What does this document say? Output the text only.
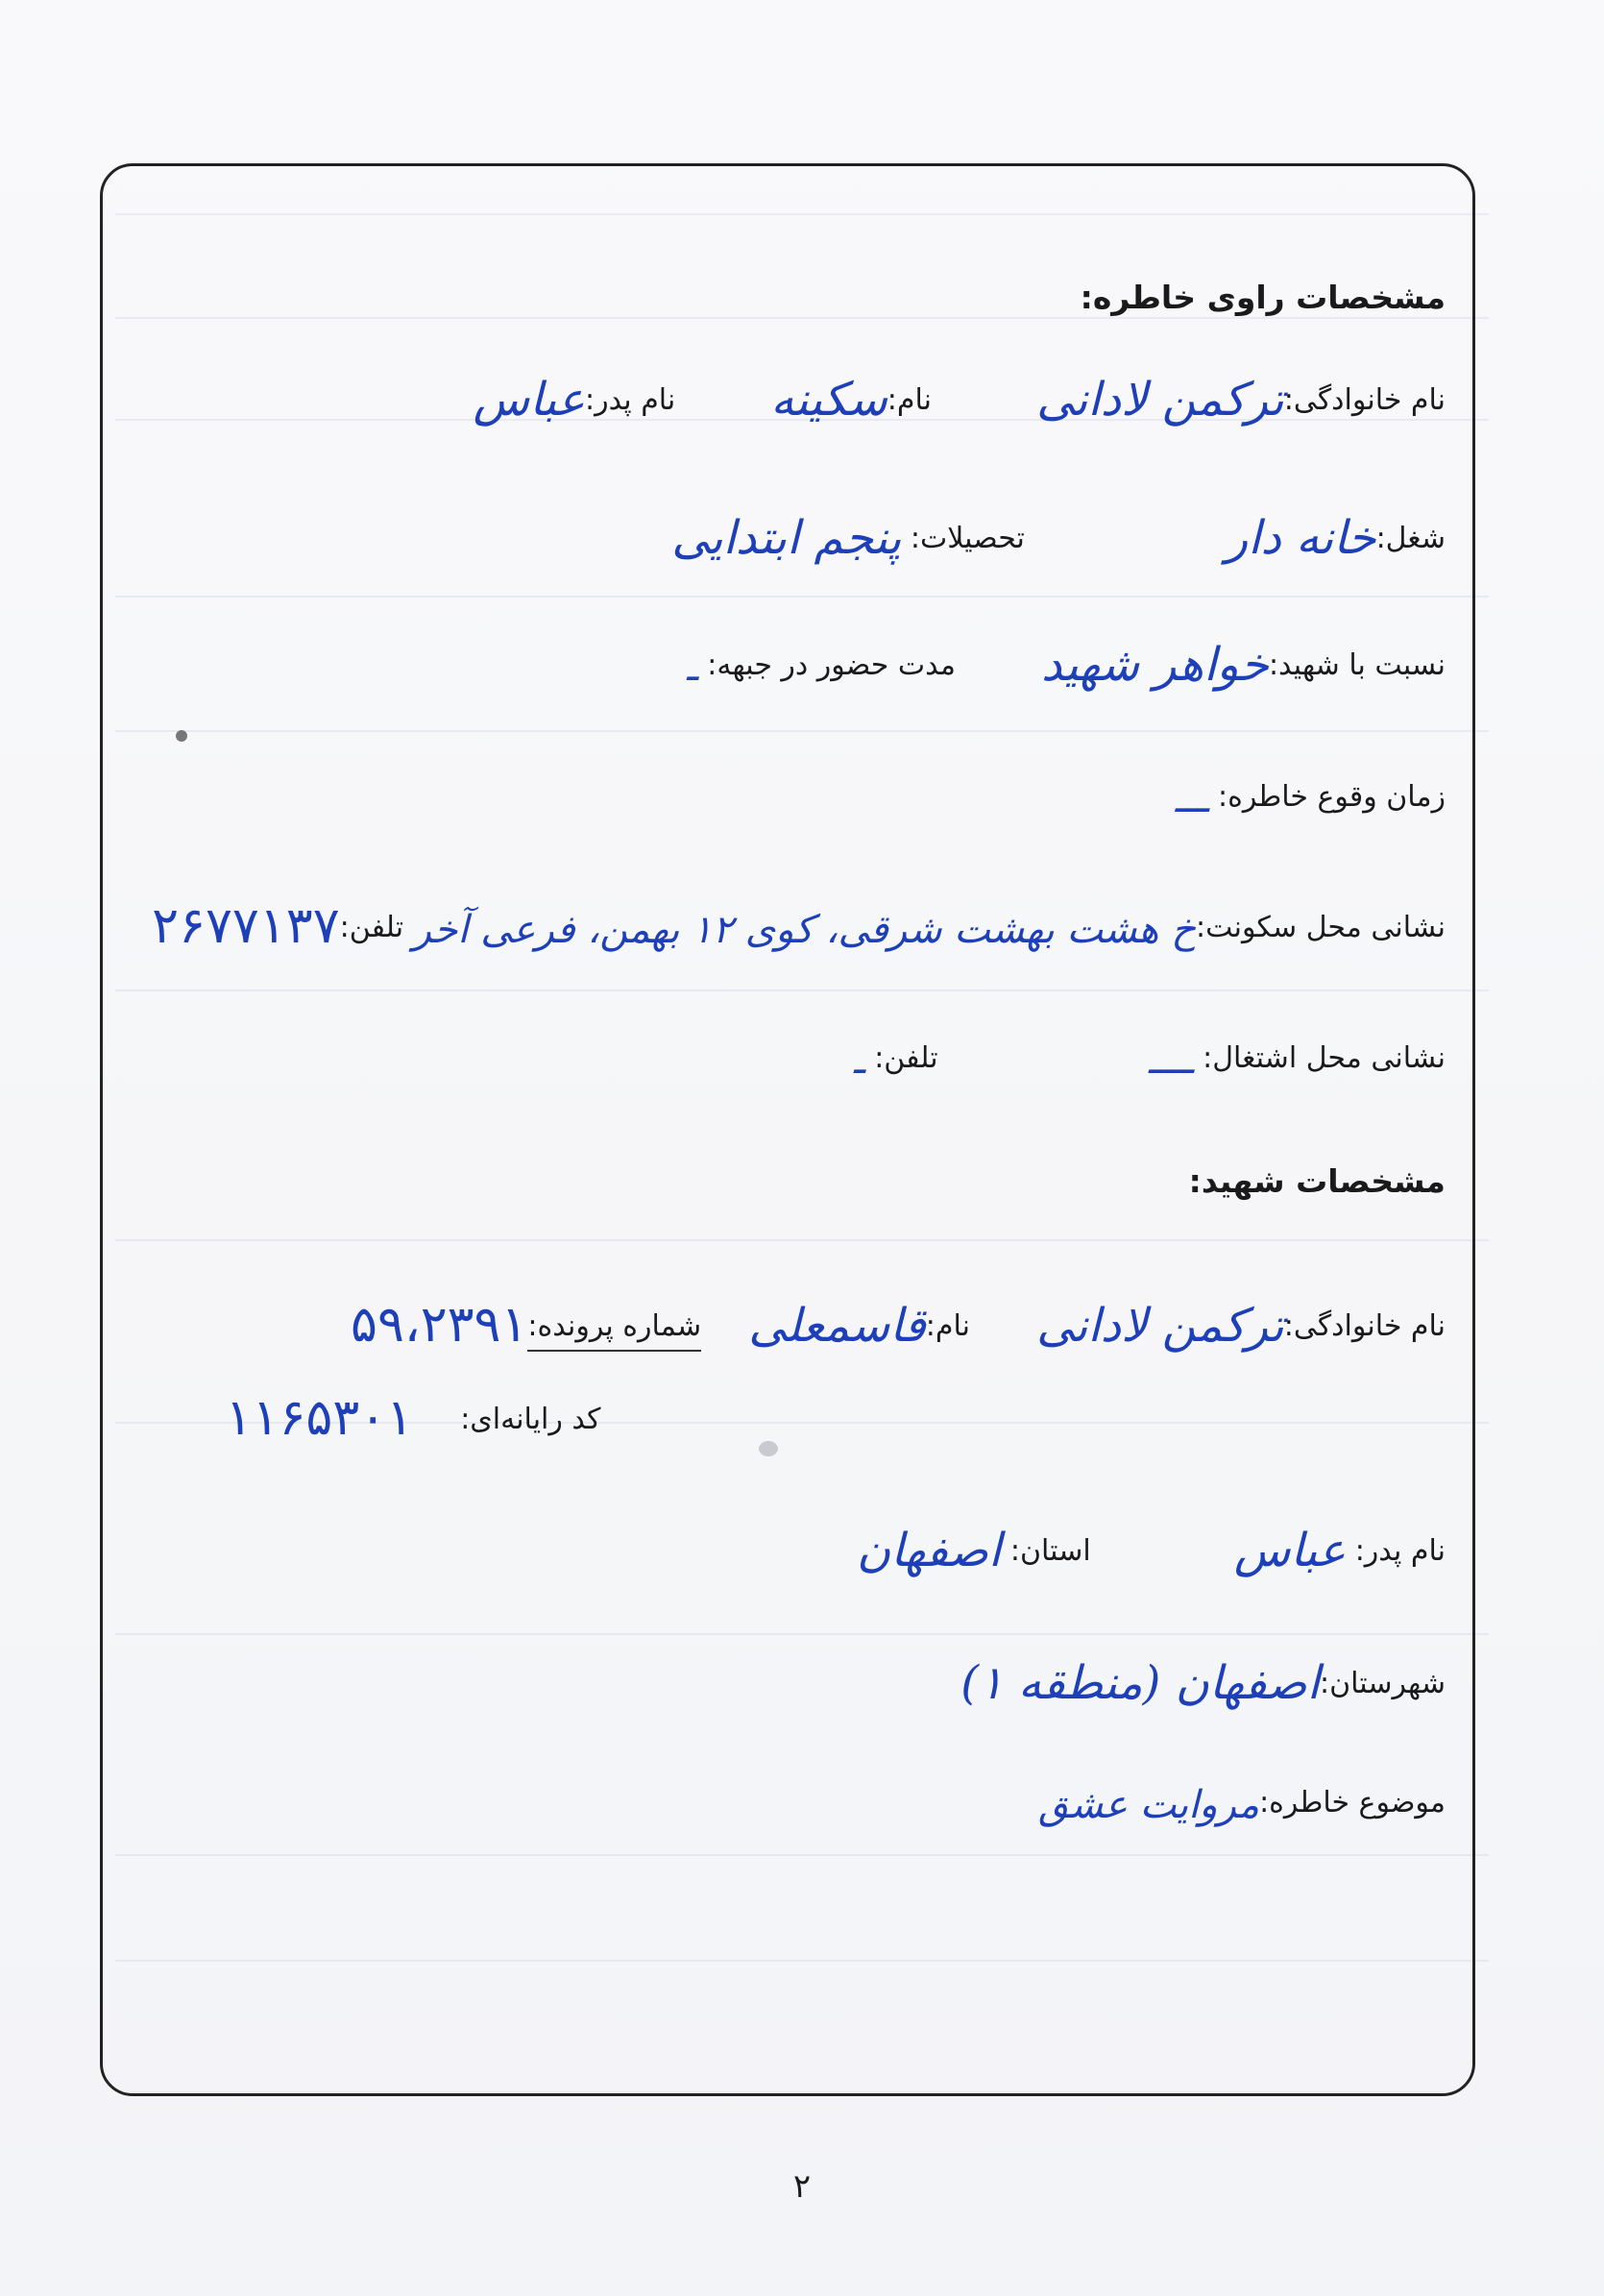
مشخصات راوی خاطره:
نام خانوادگی:ترکمن لادانی  نام:سکینه  نام پدر:عباس
شغل:خانه دار  تحصیلات: پنجم ابتدایی
نسبت با شهید:خواهر شهید  مدت حضور در جبهه: ـ
زمان وقوع خاطره: ـــ
نشانی محل سکونت:خ هشت بهشت شرقی، کوی ۱۲ بهمن، فرعی آخر تلفن:۲۶۷۷۱۳۷
نشانی محل اشتغال: ــــ  تلفن: ـ
مشخصات شهید:
نام خانوادگی:ترکمن لادانی  نام:قاسمعلی  شماره پرونده:۵۹،۲۳۹۱
کد رایانه‌ای:  ۱۱۶۵۳۰۱
نام پدر: عباس  استان: اصفهان
شهرستان:اصفهان (منطقه ۱)
موضوع خاطره:مروایت عشق
۲
